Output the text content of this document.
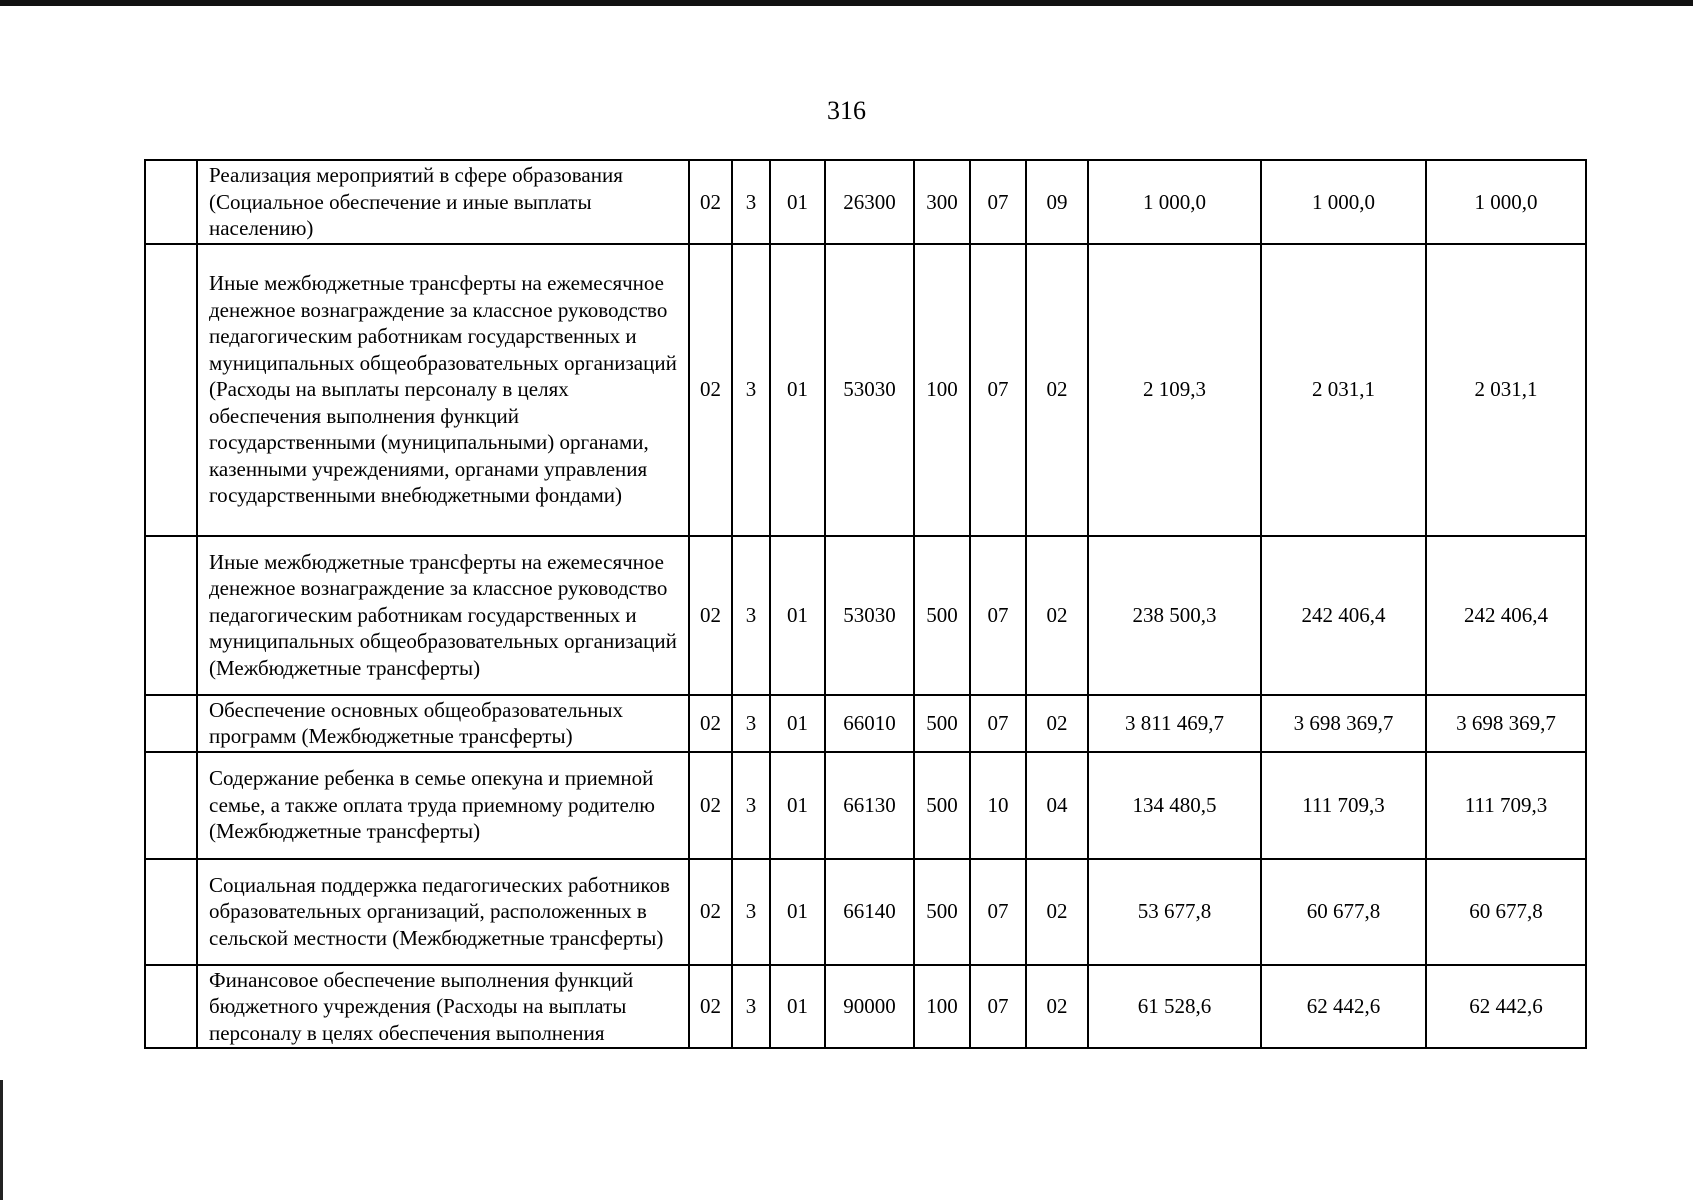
316
	Реализация мероприятий в сфере образования (Социальное обеспечение и иные выплаты населению)	02	3	01	26300	300	07	09	1 000,0	1 000,0	1 000,0
	Иные межбюджетные трансферты на ежемесячное денежное вознаграждение за классное руководство педагогическим работникам государственных и муниципальных общеобразовательных организаций (Расходы на выплаты персоналу в целях обеспечения выполнения функций государственными (муниципальными) органами, казенными учреждениями, органами управления государственными внебюджетными фондами)	02	3	01	53030	100	07	02	2 109,3	2 031,1	2 031,1
	Иные межбюджетные трансферты на ежемесячное денежное вознаграждение за классное руководство педагогическим работникам государственных и муниципальных общеобразовательных организаций (Межбюджетные трансферты)	02	3	01	53030	500	07	02	238 500,3	242 406,4	242 406,4
	Обеспечение основных общеобразовательных программ (Межбюджетные трансферты)	02	3	01	66010	500	07	02	3 811 469,7	3 698 369,7	3 698 369,7
	Содержание ребенка в семье опекуна и приемной семье, а также оплата труда приемному родителю (Межбюджетные трансферты)	02	3	01	66130	500	10	04	134 480,5	111 709,3	111 709,3
	Социальная поддержка педагогических работников образовательных организаций, расположенных в сельской местности (Межбюджетные трансферты)	02	3	01	66140	500	07	02	53 677,8	60 677,8	60 677,8
	Финансовое обеспечение выполнения функций бюджетного учреждения (Расходы на выплаты персоналу в целях обеспечения выполнения	02	3	01	90000	100	07	02	61 528,6	62 442,6	62 442,6
